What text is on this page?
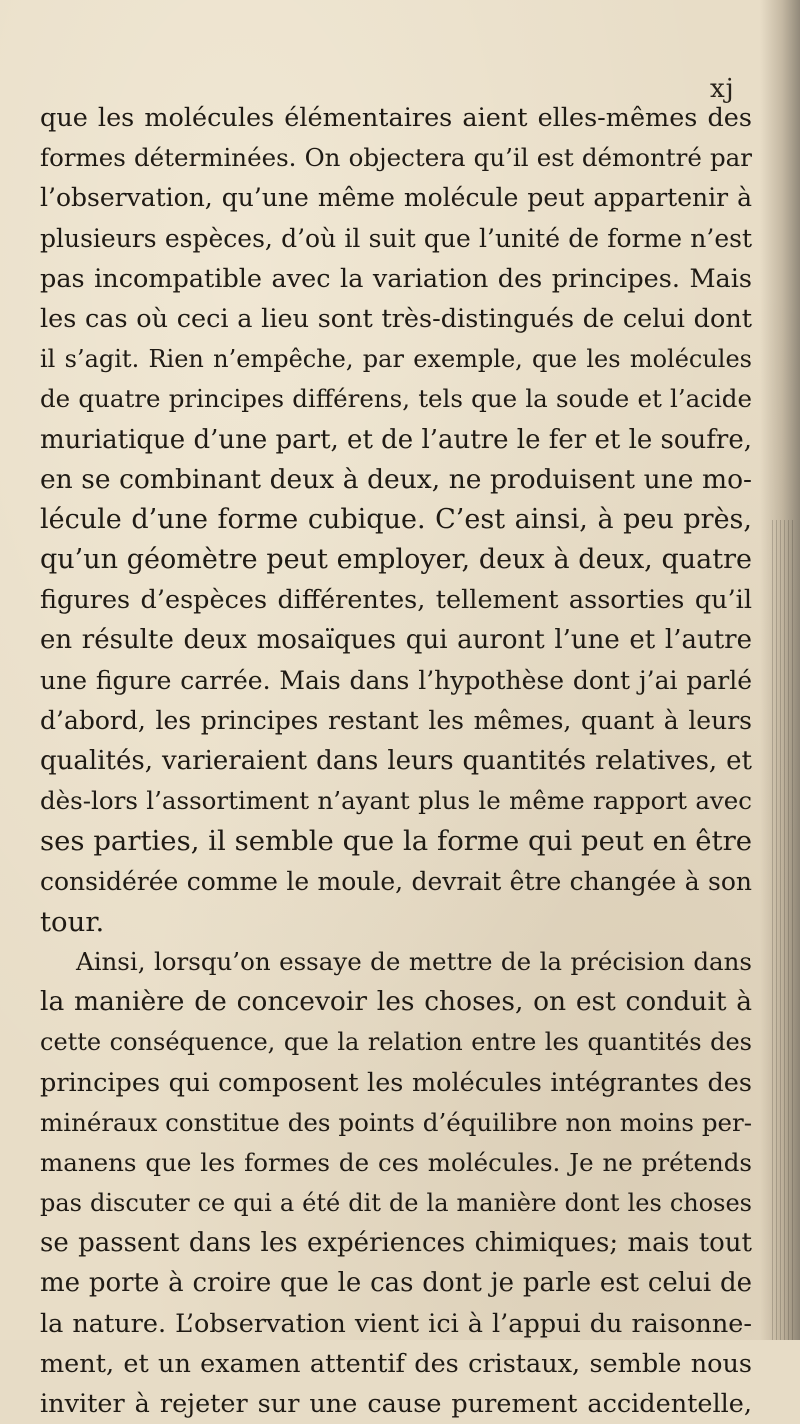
xj
que les molécules élémentaires aient elles-mêmes des
formes déterminées. On objectera qu’il est démontré par
l’observation, qu’une même molécule peut appartenir à
plusieurs espèces, d’où il suit que l’unité de forme n’est
pas incompatible avec la variation des principes. Mais
les cas où ceci a lieu sont très-distingués de celui dont
il s’agit. Rien n’empêche, par exemple, que les molécules
de quatre principes différens, tels que la soude et l’acide
muriatique d’une part, et de l’autre le fer et le soufre,
en se combinant deux à deux, ne produisent une mo-
lécule d’une forme cubique. C’est ainsi, à peu près,
qu’un géomètre peut employer, deux à deux, quatre
figures d’espèces différentes, tellement assorties qu’il
en résulte deux mosaïques qui auront l’une et l’autre
une figure carrée. Mais dans l’hypothèse dont j’ai parlé
d’abord, les principes restant les mêmes, quant à leurs
qualités, varieraient dans leurs quantités relatives, et
dès-lors l’assortiment n’ayant plus le même rapport avec
ses parties, il semble que la forme qui peut en être
considérée comme le moule, devrait être changée à son
tour.
Ainsi, lorsqu’on essaye de mettre de la précision dans
la manière de concevoir les choses, on est conduit à
cette conséquence, que la relation entre les quantités des
principes qui composent les molécules intégrantes des
minéraux constitue des points d’équilibre non moins per-
manens que les formes de ces molécules. Je ne prétends
pas discuter ce qui a été dit de la manière dont les choses
se passent dans les expériences chimiques; mais tout
me porte à croire que le cas dont je parle est celui de
la nature. L’observation vient ici à l’appui du raisonne-
ment, et un examen attentif des cristaux, semble nous
inviter à rejeter sur une cause purement accidentelle,
